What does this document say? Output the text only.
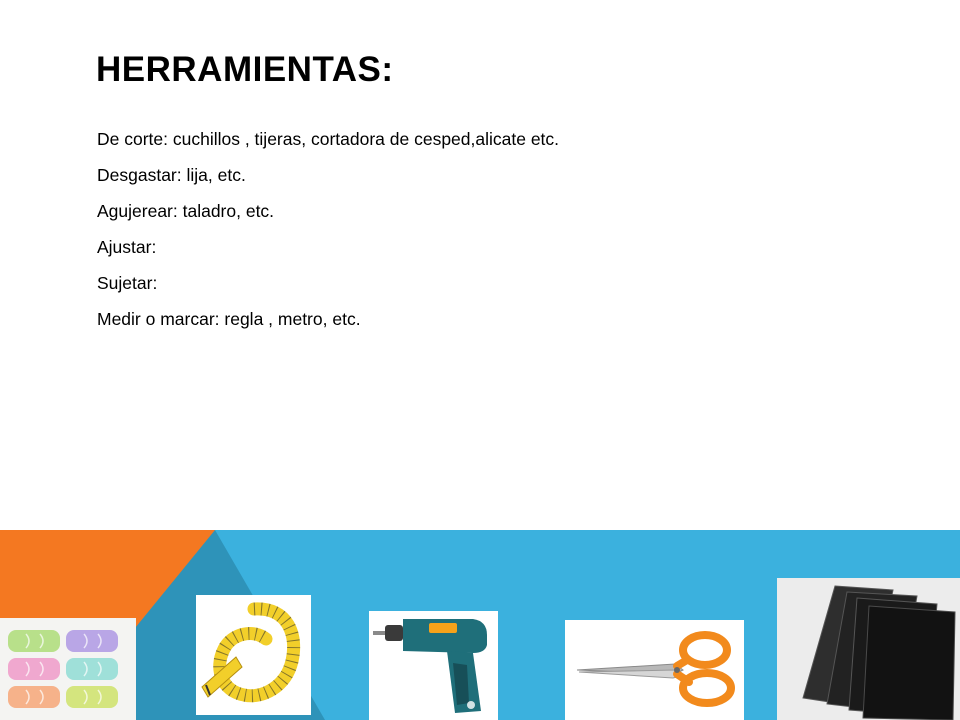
HERRAMIENTAS:
De corte: cuchillos , tijeras, cortadora de cesped,alicate etc.
Desgastar: lija, etc.
Agujerear: taladro, etc.
Ajustar:
Sujetar:
Medir o marcar: regla , metro, etc.
